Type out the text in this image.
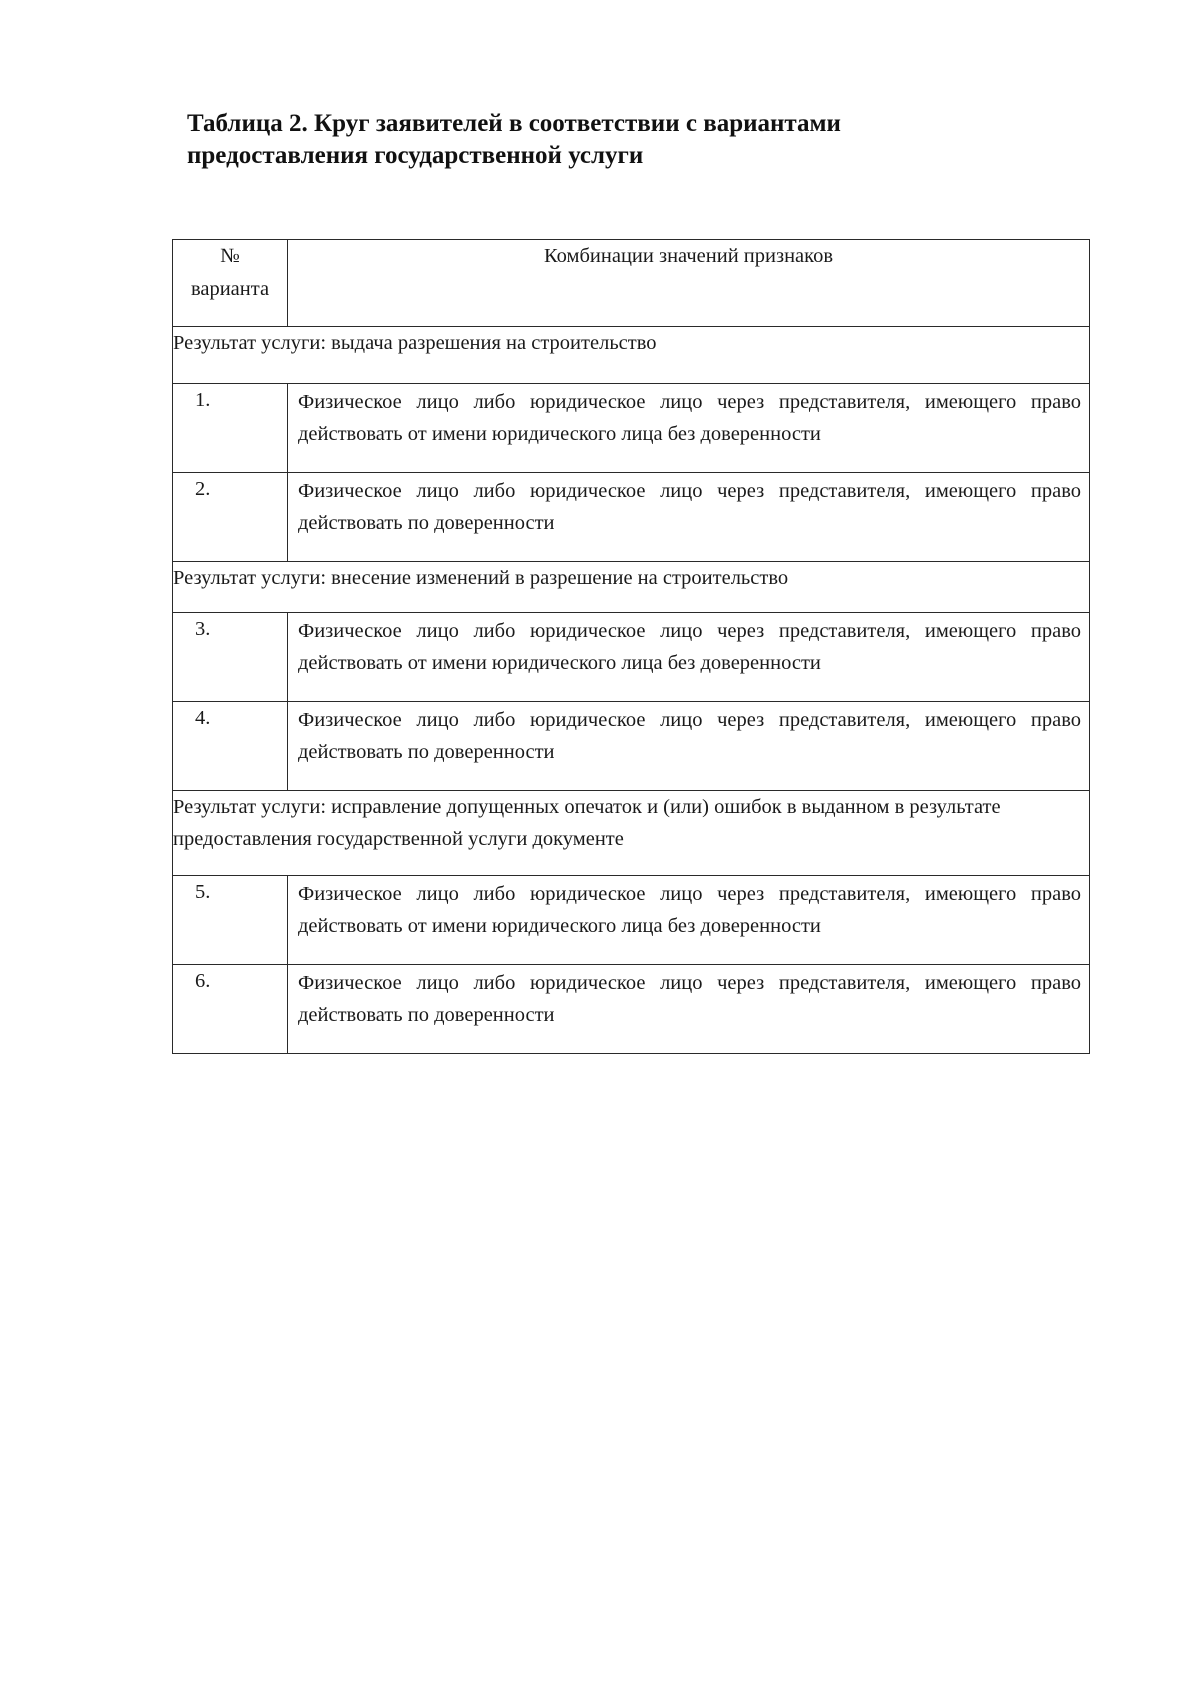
Таблица 2. Круг заявителей в соответствии с вариантами
предоставления государственной услуги
№
варианта	Комбинации значений признаков
Результат услуги: выдача разрешения на строительство	
1.	Физическое лицо либо юридическое лицо через представителя, имеющего право действовать от имени юридического лица без доверенности
2.	Физическое лицо либо юридическое лицо через представителя, имеющего право действовать по доверенности
Результат услуги: внесение изменений в разрешение на строительство	
3.	Физическое лицо либо юридическое лицо через представителя, имеющего право действовать от имени юридического лица без доверенности
4.	Физическое лицо либо юридическое лицо через представителя, имеющего право действовать по доверенности
Результат услуги: исправление допущенных опечаток и (или) ошибок в выданном в результате предоставления государственной услуги документе	
5.	Физическое лицо либо юридическое лицо через представителя, имеющего право действовать от имени юридического лица без доверенности
6.	Физическое лицо либо юридическое лицо через представителя, имеющего право действовать по доверенности
